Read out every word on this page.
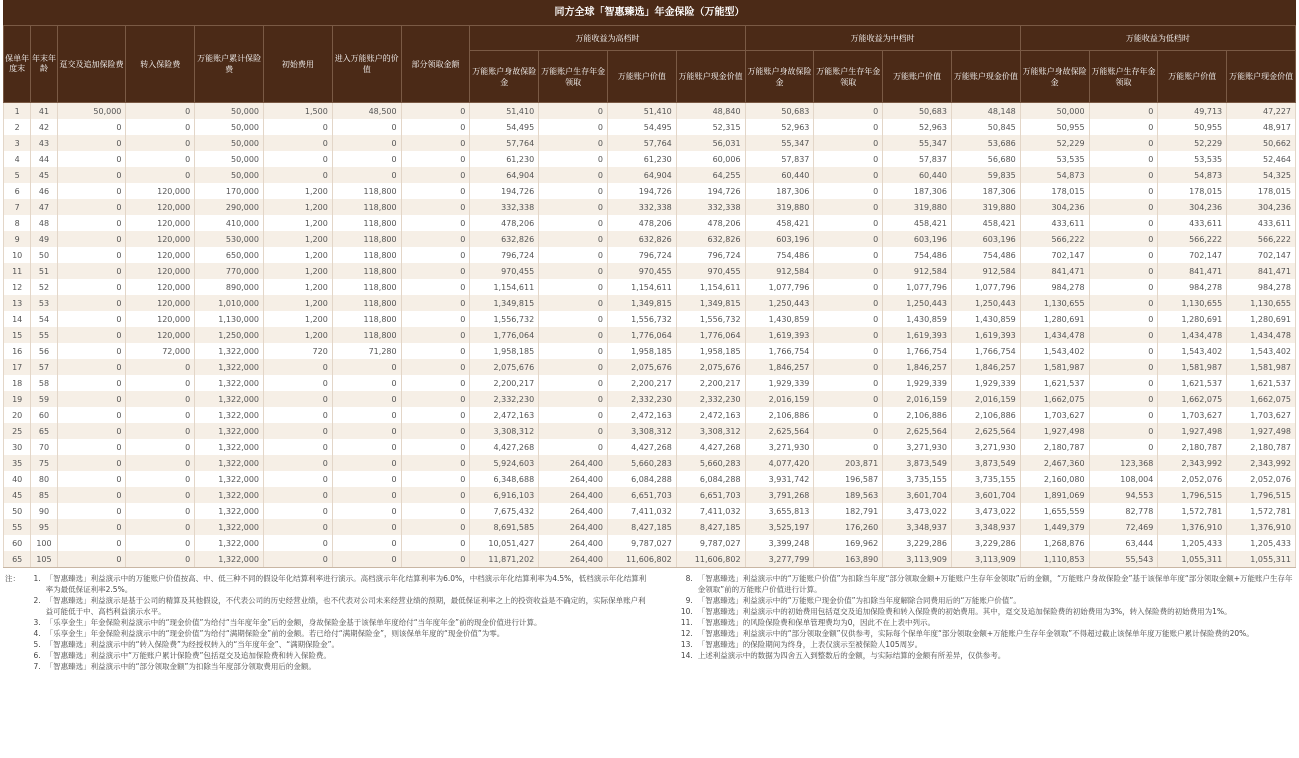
同方全球「智惠臻选」年金保险（万能型）
保单年度末	年末年龄	趸交及追加保险费	转入保险费	万能账户累计保险费	初始费用	进入万能账户的价值	部分领取金额	万能收益为高档时				万能收益为中档时				万能收益为低档时			
								万能账户身故保险金	万能账户生存年金领取	万能账户价值	万能账户现金价值	万能账户身故保险金	万能账户生存年金领取	万能账户价值	万能账户现金价值	万能账户身故保险金	万能账户生存年金领取	万能账户价值	万能账户现金价值
1	41	50,000	0	50,000	1,500	48,500	0	51,410	0	51,410	48,840	50,683	0	50,683	48,148	50,000	0	49,713	47,227
2	42	0	0	50,000	0	0	0	54,495	0	54,495	52,315	52,963	0	52,963	50,845	50,955	0	50,955	48,917
3	43	0	0	50,000	0	0	0	57,764	0	57,764	56,031	55,347	0	55,347	53,686	52,229	0	52,229	50,662
4	44	0	0	50,000	0	0	0	61,230	0	61,230	60,006	57,837	0	57,837	56,680	53,535	0	53,535	52,464
5	45	0	0	50,000	0	0	0	64,904	0	64,904	64,255	60,440	0	60,440	59,835	54,873	0	54,873	54,325
6	46	0	120,000	170,000	1,200	118,800	0	194,726	0	194,726	194,726	187,306	0	187,306	187,306	178,015	0	178,015	178,015
7	47	0	120,000	290,000	1,200	118,800	0	332,338	0	332,338	332,338	319,880	0	319,880	319,880	304,236	0	304,236	304,236
8	48	0	120,000	410,000	1,200	118,800	0	478,206	0	478,206	478,206	458,421	0	458,421	458,421	433,611	0	433,611	433,611
9	49	0	120,000	530,000	1,200	118,800	0	632,826	0	632,826	632,826	603,196	0	603,196	603,196	566,222	0	566,222	566,222
10	50	0	120,000	650,000	1,200	118,800	0	796,724	0	796,724	796,724	754,486	0	754,486	754,486	702,147	0	702,147	702,147
11	51	0	120,000	770,000	1,200	118,800	0	970,455	0	970,455	970,455	912,584	0	912,584	912,584	841,471	0	841,471	841,471
12	52	0	120,000	890,000	1,200	118,800	0	1,154,611	0	1,154,611	1,154,611	1,077,796	0	1,077,796	1,077,796	984,278	0	984,278	984,278
13	53	0	120,000	1,010,000	1,200	118,800	0	1,349,815	0	1,349,815	1,349,815	1,250,443	0	1,250,443	1,250,443	1,130,655	0	1,130,655	1,130,655
14	54	0	120,000	1,130,000	1,200	118,800	0	1,556,732	0	1,556,732	1,556,732	1,430,859	0	1,430,859	1,430,859	1,280,691	0	1,280,691	1,280,691
15	55	0	120,000	1,250,000	1,200	118,800	0	1,776,064	0	1,776,064	1,776,064	1,619,393	0	1,619,393	1,619,393	1,434,478	0	1,434,478	1,434,478
16	56	0	72,000	1,322,000	720	71,280	0	1,958,185	0	1,958,185	1,958,185	1,766,754	0	1,766,754	1,766,754	1,543,402	0	1,543,402	1,543,402
17	57	0	0	1,322,000	0	0	0	2,075,676	0	2,075,676	2,075,676	1,846,257	0	1,846,257	1,846,257	1,581,987	0	1,581,987	1,581,987
18	58	0	0	1,322,000	0	0	0	2,200,217	0	2,200,217	2,200,217	1,929,339	0	1,929,339	1,929,339	1,621,537	0	1,621,537	1,621,537
19	59	0	0	1,322,000	0	0	0	2,332,230	0	2,332,230	2,332,230	2,016,159	0	2,016,159	2,016,159	1,662,075	0	1,662,075	1,662,075
20	60	0	0	1,322,000	0	0	0	2,472,163	0	2,472,163	2,472,163	2,106,886	0	2,106,886	2,106,886	1,703,627	0	1,703,627	1,703,627
25	65	0	0	1,322,000	0	0	0	3,308,312	0	3,308,312	3,308,312	2,625,564	0	2,625,564	2,625,564	1,927,498	0	1,927,498	1,927,498
30	70	0	0	1,322,000	0	0	0	4,427,268	0	4,427,268	4,427,268	3,271,930	0	3,271,930	3,271,930	2,180,787	0	2,180,787	2,180,787
35	75	0	0	1,322,000	0	0	0	5,924,603	264,400	5,660,283	5,660,283	4,077,420	203,871	3,873,549	3,873,549	2,467,360	123,368	2,343,992	2,343,992
40	80	0	0	1,322,000	0	0	0	6,348,688	264,400	6,084,288	6,084,288	3,931,742	196,587	3,735,155	3,735,155	2,160,080	108,004	2,052,076	2,052,076
45	85	0	0	1,322,000	0	0	0	6,916,103	264,400	6,651,703	6,651,703	3,791,268	189,563	3,601,704	3,601,704	1,891,069	94,553	1,796,515	1,796,515
50	90	0	0	1,322,000	0	0	0	7,675,432	264,400	7,411,032	7,411,032	3,655,813	182,791	3,473,022	3,473,022	1,655,559	82,778	1,572,781	1,572,781
55	95	0	0	1,322,000	0	0	0	8,691,585	264,400	8,427,185	8,427,185	3,525,197	176,260	3,348,937	3,348,937	1,449,379	72,469	1,376,910	1,376,910
60	100	0	0	1,322,000	0	0	0	10,051,427	264,400	9,787,027	9,787,027	3,399,248	169,962	3,229,286	3,229,286	1,268,876	63,444	1,205,433	1,205,433
65	105	0	0	1,322,000	0	0	0	11,871,202	264,400	11,606,802	11,606,802	3,277,799	163,890	3,113,909	3,113,909	1,110,853	55,543	1,055,311	1,055,311
注：	1. 「智惠臻选」利益演示中的万能账户价值按高、中、低三种不同的假设年化结算利率进行演示。高档演示年化结算利率为6.0%，中档演示年化结算利率为4.5%，低档演示年化结算利率为最低保证利率2.5%。
2. 「智惠臻选」利益演示是基于公司的精算及其他假设，不代表公司的历史经营业绩，也不代表对公司未来经营业绩的预期，最低保证利率之上的投资收益是不确定的，实际保单账户利益可能低于中、高档利益演示水平。
3. 「乐享金生」年金保险利益演示中的“现金价值”为给付“当年度年金”后的金额，身故保险金基于该保单年度给付“当年度年金”前的现金价值进行计算。
4. 「乐享金生」年金保险利益演示中的“现金价值”为给付“满期保险金”前的金额。若已给付“满期保险金”，则该保单年度的“现金价值”为零。
5. 「智惠臻选」利益演示中的“转入保险费”为经授权转入的“当年度年金”、“满期保险金”。
6. 「智惠臻选」利益演示中“万能账户累计保险费”包括趸交及追加保险费和转入保险费。
7. 「智惠臻选」利益演示中的“部分领取金额”为扣除当年度部分领取费用后的金额。
8. 「智惠臻选」利益演示中的“万能账户价值”为扣除当年度“部分领取金额+万能账户生存年金领取”后的金额，“万能账户身故保险金”基于该保单年度“部分领取金额+万能账户生存年金领取”前的万能账户价值进行计算。
9. 「智惠臻选」利益演示中的“万能账户现金价值”为扣除当年度解除合同费用后的“万能账户价值”。
10. 「智惠臻选」利益演示中的初始费用包括趸交及追加保险费和转入保险费的初始费用。其中，趸交及追加保险费的初始费用为3%，转入保险费的初始费用为1%。
11. 「智惠臻选」的风险保险费和保单管理费均为0，因此不在上表中列示。
12. 「智惠臻选」利益演示中的“部分领取金额”仅供参考，实际每个保单年度“部分领取金额+万能账户生存年金领取”不得超过截止该保单年度万能账户累计保险费的20%。
13. 「智惠臻选」的保险期间为终身，上表仅演示至被保险人105周岁。
14. 上述利益演示中的数据为四舍五入到整数后的金额，与实际结算的金额有所差异，仅供参考。
